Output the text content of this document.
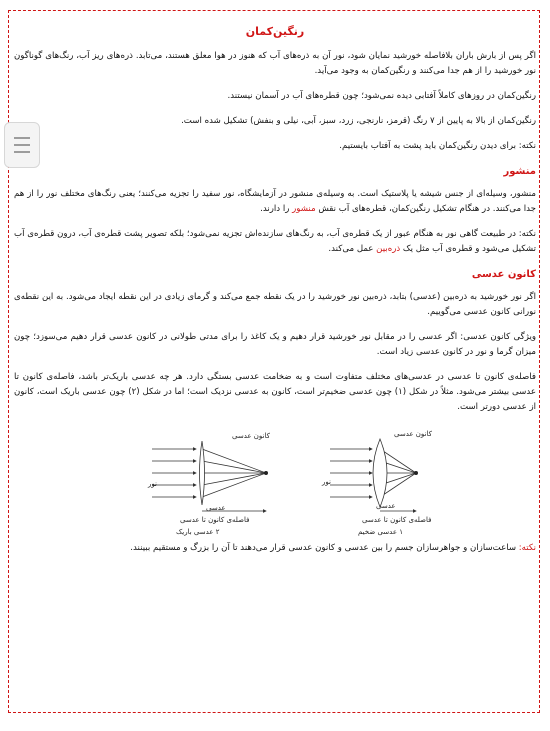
رنگین‌کمان

اگر پس از بارش باران بلافاصله خورشید نمایان شود، نور آن به ذره‌های آب که هنوز در هوا معلق هستند، می‌تابد. ذره‌های ریز آب، رنگ‌های گوناگون نور خورشید را از هم جدا می‌کنند و رنگین‌کمان به وجود می‌آید.

رنگین‌کمان در روزهای کاملاً آفتابی دیده نمی‌شود؛ چون قطره‌های آب در آسمان نیستند.

رنگین‌کمان از بالا به پایین از ۷ رنگ (قرمز، نارنجی، زرد، سبز، آبی، نیلی و بنفش) تشکیل شده است.

نکته: برای دیدن رنگین‌کمان باید پشت به آفتاب بایستیم.

منشور

منشور، وسیله‌ای از جنس شیشه یا پلاستیک است. به وسیله‌ی منشور در آزمایشگاه، نور سفید را تجزیه می‌کنند؛ یعنی رنگ‌های مختلف نور را از هم جدا می‌کنند. در هنگام تشکیل رنگین‌کمان، قطره‌های آب نقش منشور را دارند.

نکته: در طبیعت گاهی نور به هنگام عبور از یک قطره‌ی آب، به رنگ‌های سازنده‌اش تجزیه نمی‌شود؛ بلکه تصویر پشت قطره‌ی آب، درون قطره‌ی آب تشکیل می‌شود و قطره‌ی آب مثل یک ذره‌بین عمل می‌کند.

کانون عدسی

اگر نور خورشید به ذره‌بین (عدسی) بتابد، ذره‌بین نور خورشید را در یک نقطه جمع می‌کند و گرمای زیادی در این نقطه ایجاد می‌شود. به این نقطه‌ی نورانی کانون عدسی می‌گوییم.

ویژگی کانون عدسی: اگر عدسی را در مقابل نور خورشید قرار دهیم و یک کاغذ را برای مدتی طولانی در کانون عدسی قرار دهیم می‌سوزد؛ چون میزان گرما و نور در کانون عدسی زیاد است.

فاصله‌ی کانون تا عدسی در عدسی‌های مختلف متفاوت است و به ضخامت عدسی بستگی دارد. هر چه عدسی باریک‌تر باشد، فاصله‌ی کانون تا عدسی بیشتر می‌شود. مثلاً در شکل (۱) چون عدسی ضخیم‌تر است، کانون به عدسی نزدیک است؛ اما در شکل (۲) چون عدسی باریک است، کانون از عدسی دورتر است.

کانون عدسی
نور
عدسی
فاصله‌ی کانون تا عدسی
۲ عدسی باریک
کانون عدسی
نور
عدسی
فاصله‌ی کانون تا عدسی
۱ عدسی ضخیم

نکته: ساعت‌سازان و جواهرسازان جسم را بین عدسی و کانون عدسی قرار می‌دهند تا آن را بزرگ و مستقیم ببینند.
